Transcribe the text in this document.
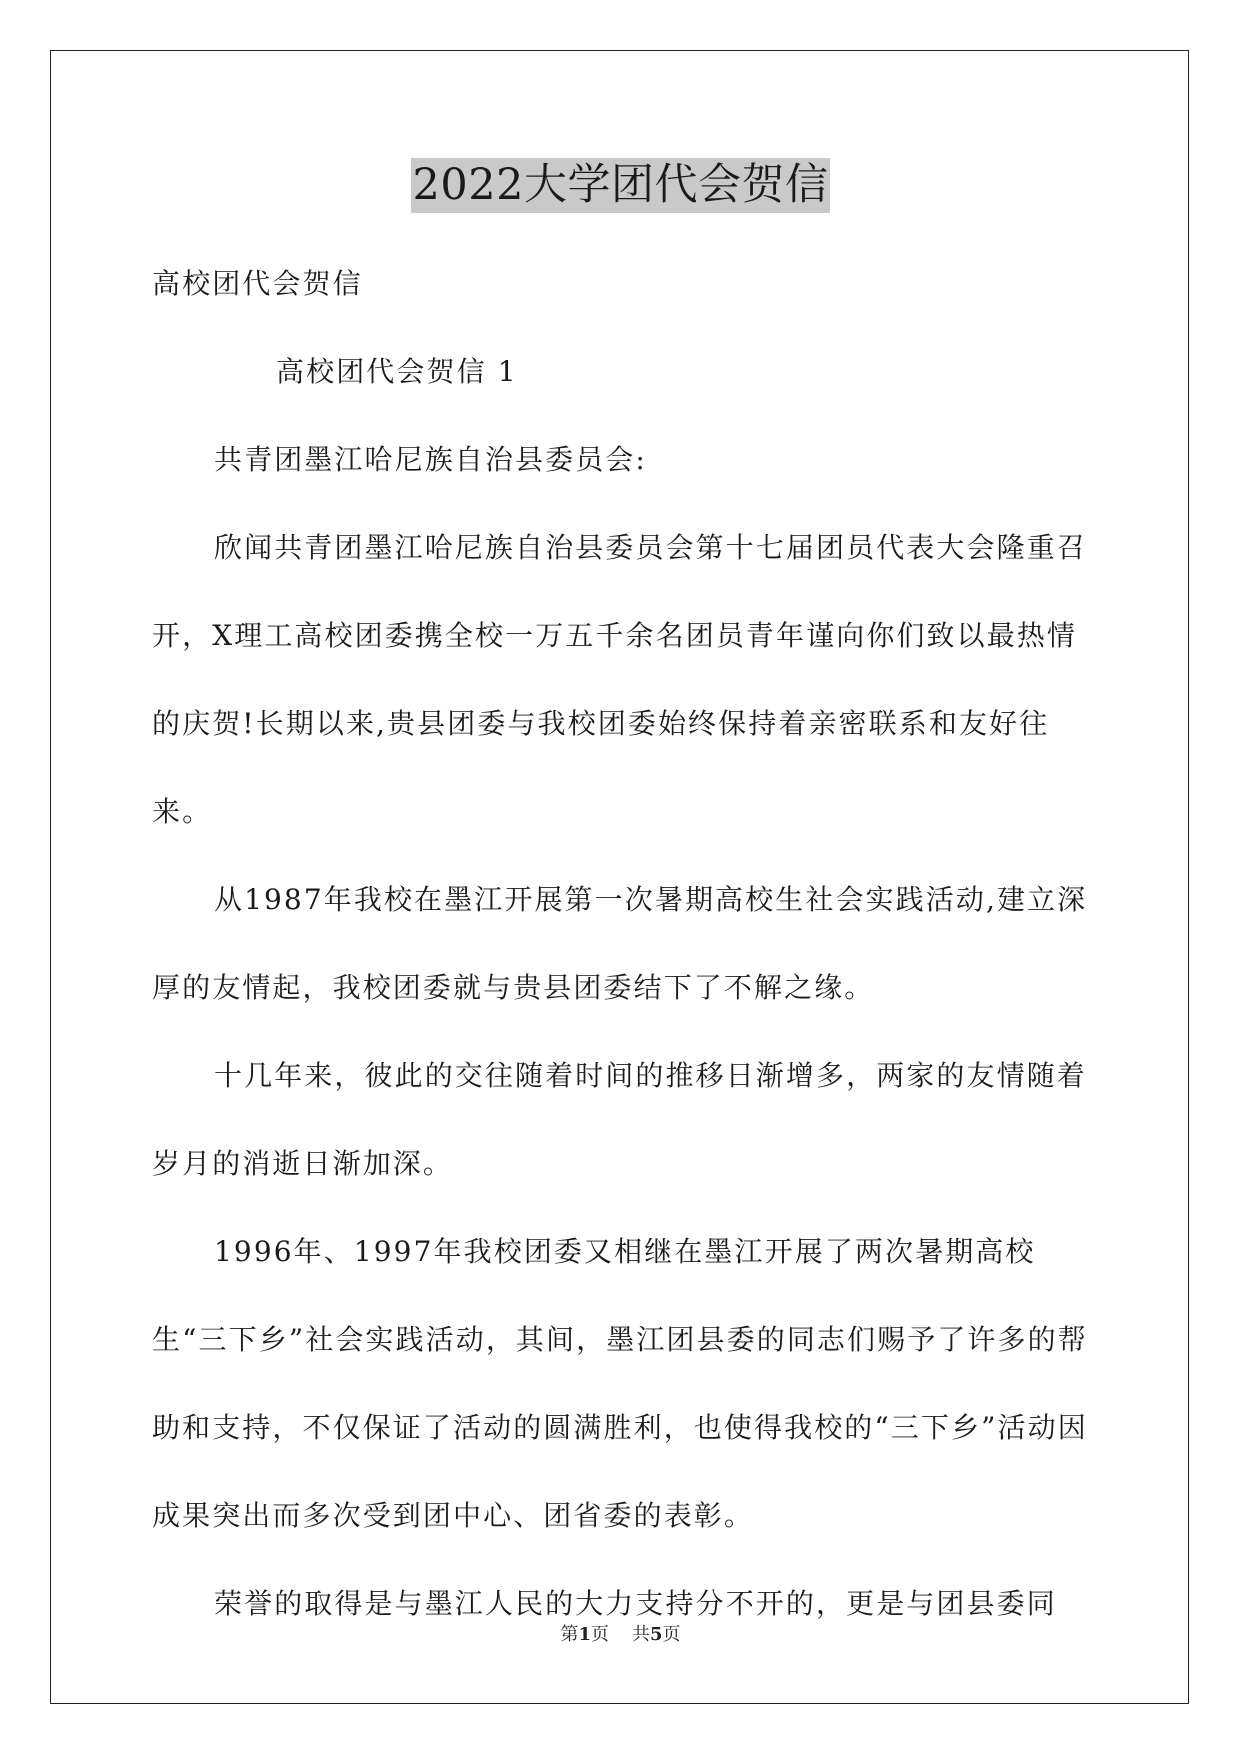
2022大学团代会贺信

高校团代会贺信

高校团代会贺信 1

共青团墨江哈尼族自治县委员会:

欣闻共青团墨江哈尼族自治县委员会第十七届团员代表大会隆重召开，X理工高校团委携全校一万五千余名团员青年谨向你们致以最热情的庆贺!长期以来,贵县团委与我校团委始终保持着亲密联系和友好往来。

从1987年我校在墨江开展第一次暑期高校生社会实践活动,建立深厚的友情起，我校团委就与贵县团委结下了不解之缘。

十几年来，彼此的交往随着时间的推移日渐增多，两家的友情随着岁月的消逝日渐加深。

1996年、1997年我校团委又相继在墨江开展了两次暑期高校生“三下乡”社会实践活动，其间，墨江团县委的同志们赐予了许多的帮助和支持，不仅保证了活动的圆满胜利，也使得我校的“三下乡”活动因成果突出而多次受到团中心、团省委的表彰。

荣誉的取得是与墨江人民的大力支持分不开的，更是与团县委同

第1页 共5页
